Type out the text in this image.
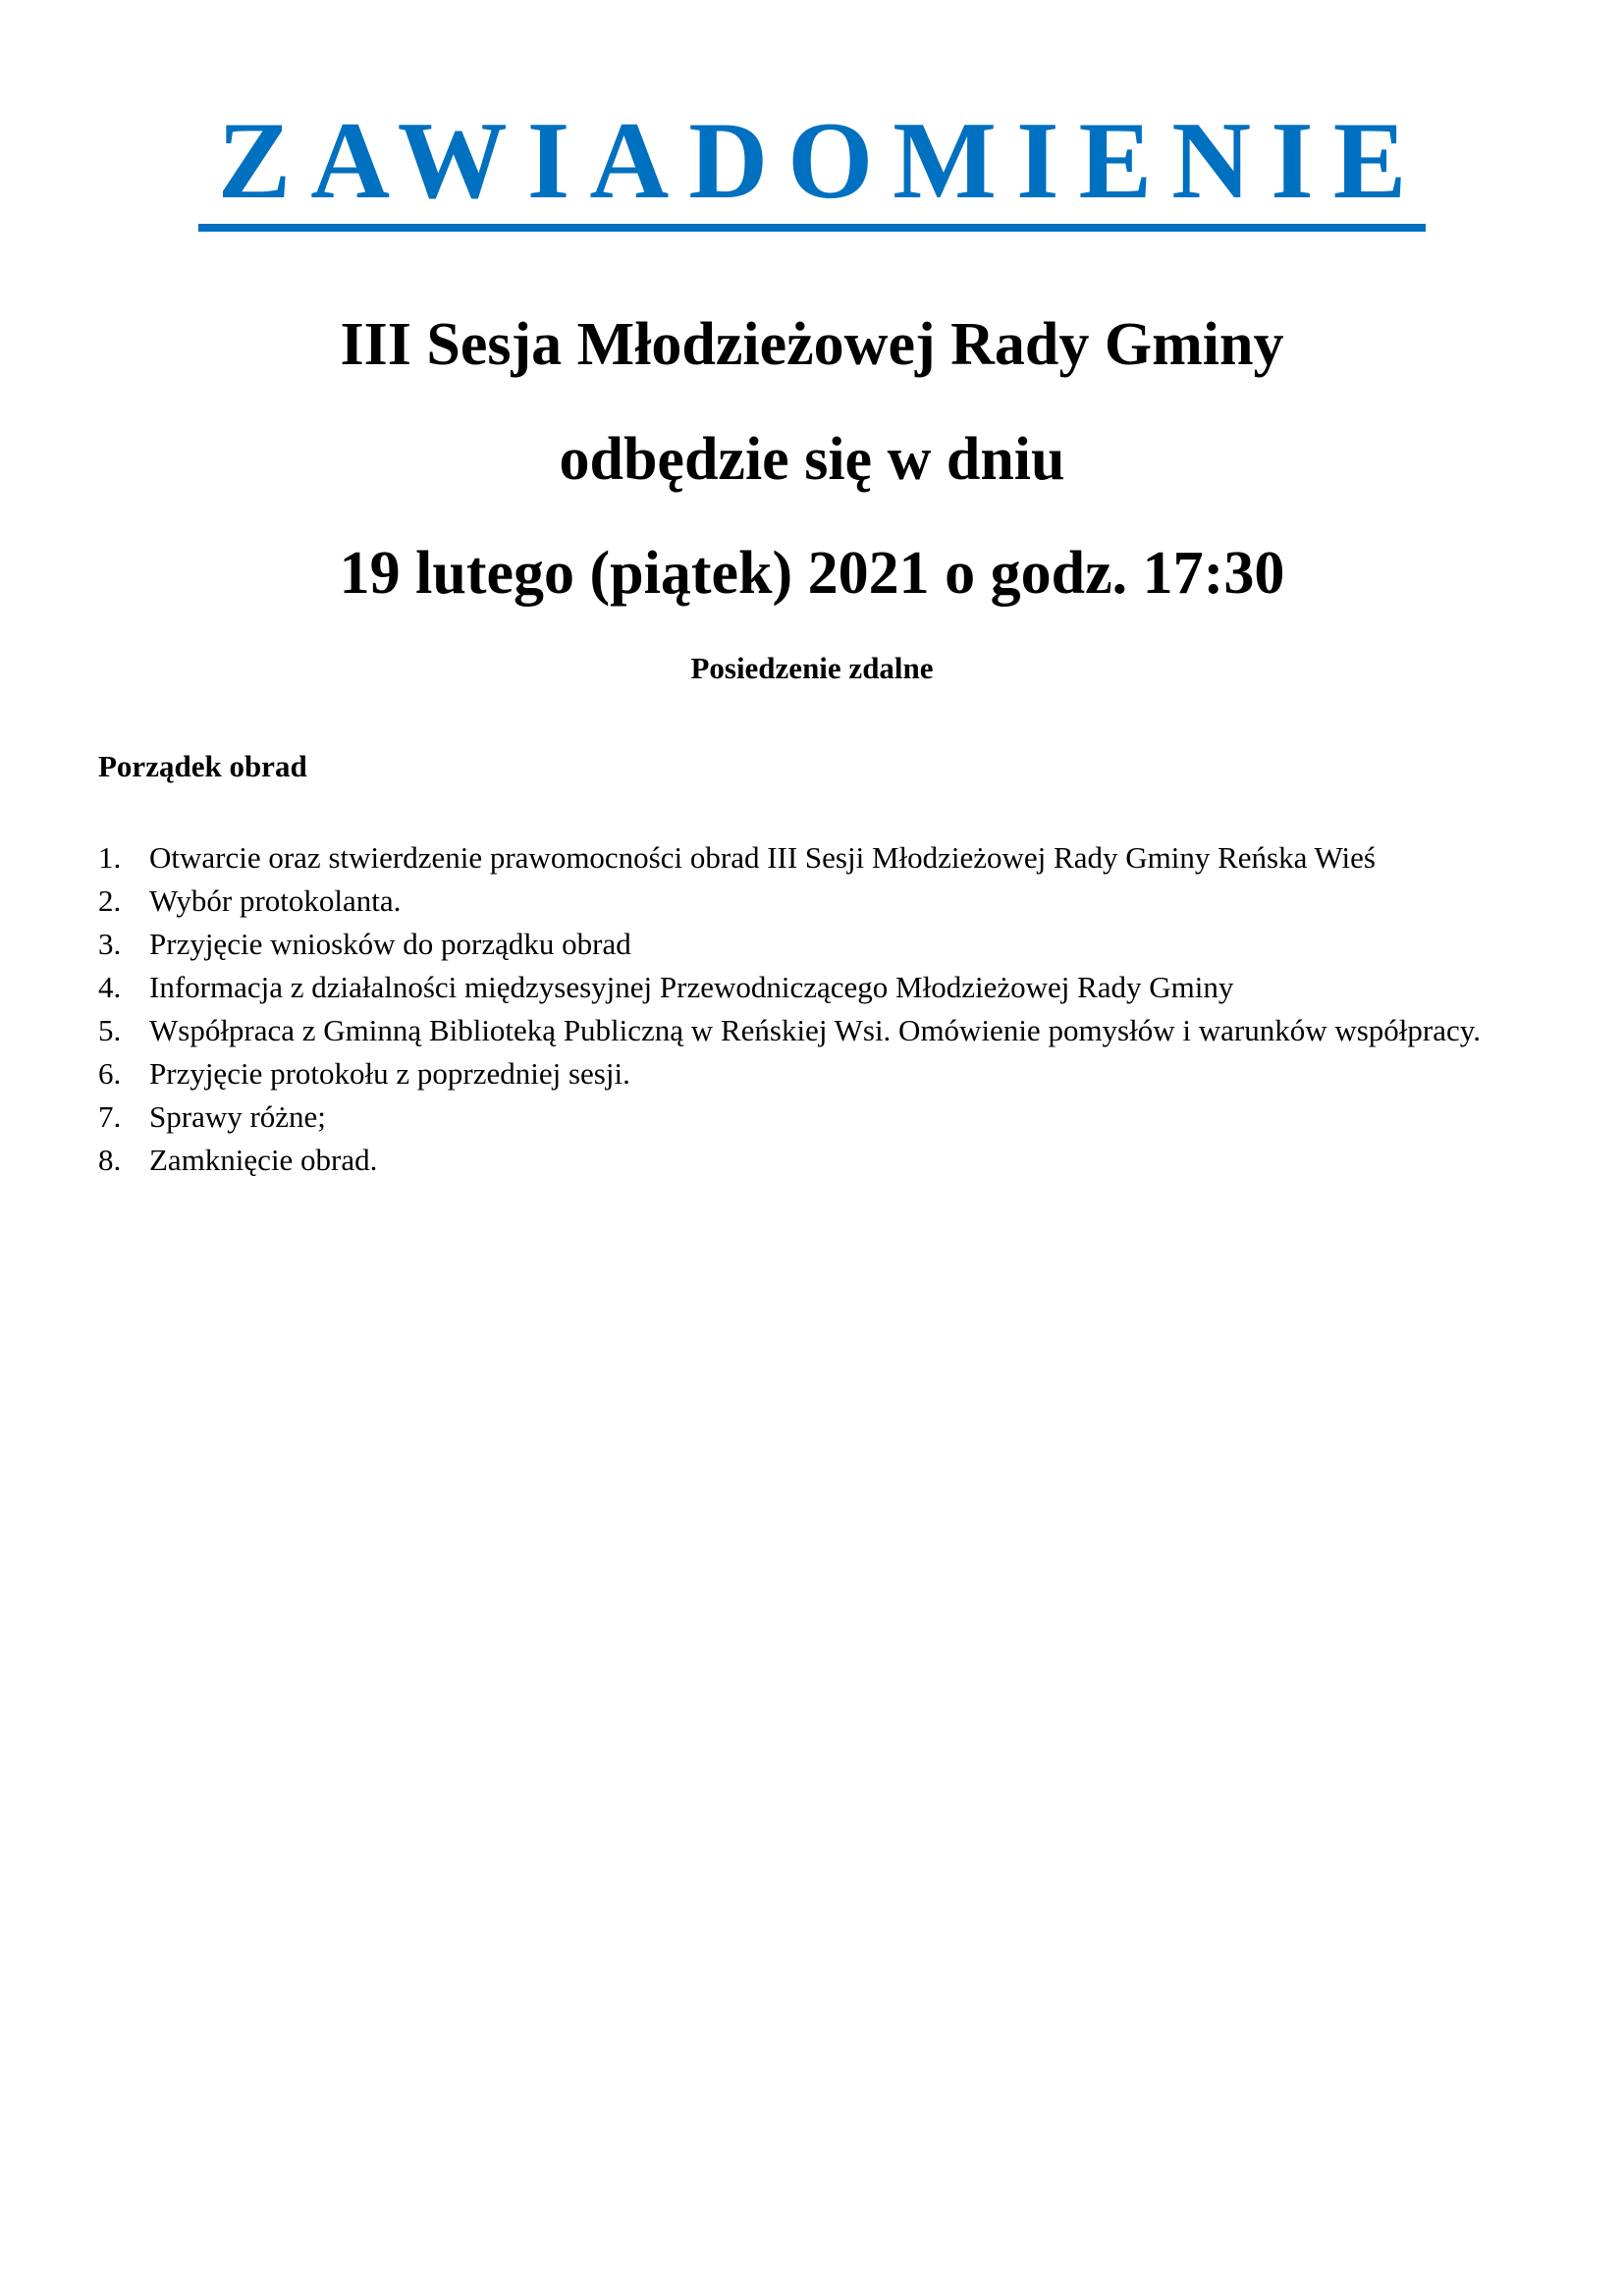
ZAWIADOMIENIE
III Sesja Młodzieżowej Rady Gminy
odbędzie się w dniu
19 lutego (piątek) 2021 o godz. 17:30
Posiedzenie zdalne
Porządek obrad
1. Otwarcie oraz stwierdzenie prawomocności obrad III Sesji Młodzieżowej Rady Gminy Reńska Wieś
2. Wybór protokolanta.
3. Przyjęcie wniosków do porządku obrad
4. Informacja z działalności międzysesyjnej Przewodniczącego Młodzieżowej Rady Gminy
5. Współpraca z Gminną Biblioteką Publiczną w Reńskiej Wsi. Omówienie pomysłów i warunków współpracy.
6. Przyjęcie protokołu z poprzedniej sesji.
7. Sprawy różne;
8. Zamknięcie obrad.
